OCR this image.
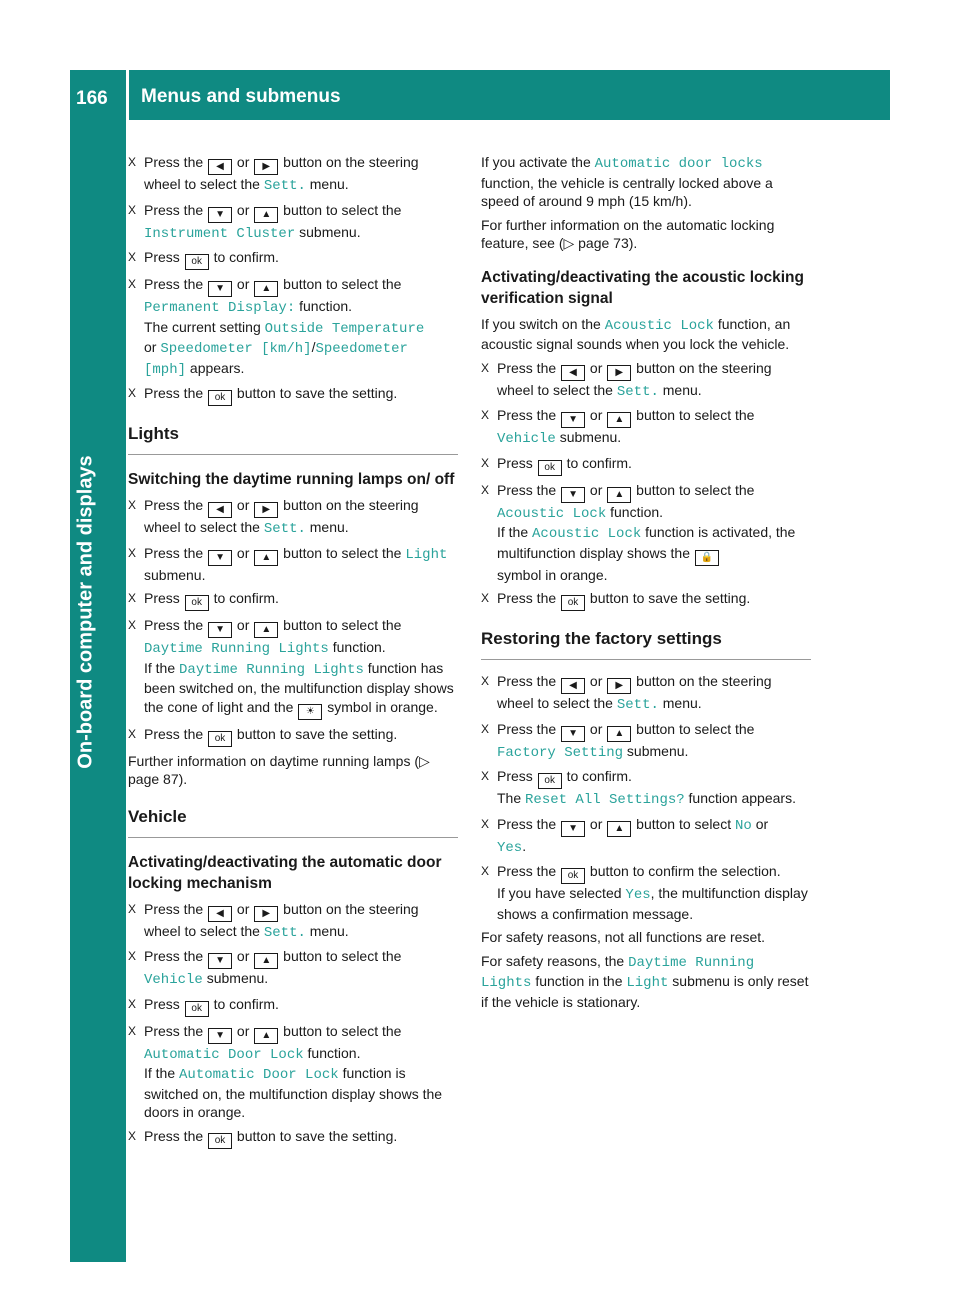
166 Menus and submenus
On-board computer and displays
X Press the ◀ or ▶ button on the steering wheel to select the Sett. menu.
X Press the ▼ or ▲ button to select the Instrument Cluster submenu.
X Press ok to confirm.
X Press the ▼ or ▲ button to select the Permanent Display: function.
The current setting Outside Temperature
or Speedometer [km/h]/Speedometer [mph] appears.
X Press the ok button to save the setting.
Lights
Switching the daytime running lamps on/ off
X Press the ◀ or ▶ button on the steering wheel to select the Sett. menu.
X Press the ▼ or ▲ button to select the Light submenu.
X Press ok to confirm.
X Press the ▼ or ▲ button to select the Daytime Running Lights function.
If the Daytime Running Lights function has been switched on, the multifunction display shows the cone of light and the ☀ symbol in orange.
X Press the ok button to save the setting.

Further information on daytime running lamps (▷ page 87).

Vehicle
Activating/deactivating the automatic door locking mechanism
X Press the ◀ or ▶ button on the steering wheel to select the Sett. menu.
X Press the ▼ or ▲ button to select the Vehicle submenu.
X Press ok to confirm.
X Press the ▼ or ▲ button to select the Automatic Door Lock function.
If the Automatic Door Lock function is switched on, the multifunction display shows the doors in orange.
X Press the ok button to save the setting.

If you activate the Automatic door locks function, the vehicle is centrally locked above a speed of around 9 mph (15 km/h).

For further information on the automatic locking feature, see (▷ page 73).

Activating/deactivating the acoustic locking verification signal

If you switch on the Acoustic Lock function, an acoustic signal sounds when you lock the vehicle.

X Press the ◀ or ▶ button on the steering wheel to select the Sett. menu.
X Press the ▼ or ▲ button to select the Vehicle submenu.
X Press ok to confirm.
X Press the ▼ or ▲ button to select the Acoustic Lock function.
If the Acoustic Lock function is activated, the multifunction display shows the 🔒
symbol in orange.
X Press the ok button to save the setting.
Restoring the factory settings
X Press the ◀ or ▶ button on the steering wheel to select the Sett. menu.
X Press the ▼ or ▲ button to select the Factory Setting submenu.
X Press ok to confirm.
The Reset All Settings? function appears.
X Press the ▼ or ▲ button to select No or
Yes.
X Press the ok button to confirm the selection.
If you have selected Yes, the multifunction display shows a confirmation message.

For safety reasons, not all functions are reset.

For safety reasons, the Daytime Running Lights function in the Light submenu is only reset if the vehicle is stationary.
